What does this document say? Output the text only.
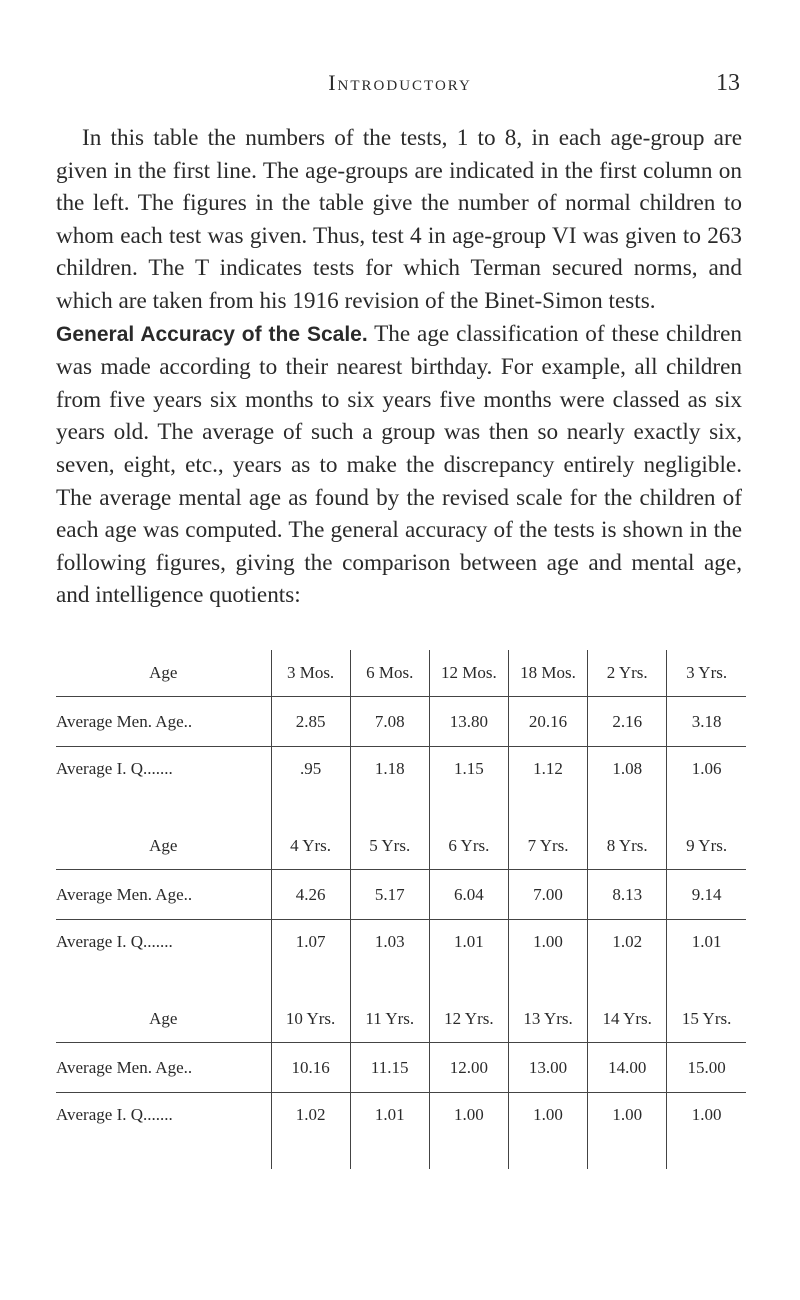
Introductory	13

In this table the numbers of the tests, 1 to 8, in each age-group are given in the first line. The age-groups are indicated in the first column on the left. The figures in the table give the number of normal children to whom each test was given. Thus, test 4 in age-group VI was given to 263 children. The T indicates tests for which Terman secured norms, and which are taken from his 1916 revision of the Binet-Simon tests.

General Accuracy of the Scale. The age classification of these children was made according to their nearest birthday. For example, all children from five years six months to six years five months were classed as six years old. The average of such a group was then so nearly exactly six, seven, eight, etc., years as to make the discrepancy entirely negligible. The average mental age as found by the revised scale for the children of each age was computed. The general accuracy of the tests is shown in the following figures, giving the comparison between age and mental age, and intelligence quotients:

Age	3 Mos.	6 Mos.	12 Mos.	18 Mos.	2 Yrs.	3 Yrs.
Average Men. Age..	2.85	7.08	13.80	20.16	2.16	3.18
Average I. Q.......	.95	1.18	1.15	1.12	1.08	1.06
Age	4 Yrs.	5 Yrs.	6 Yrs.	7 Yrs.	8 Yrs.	9 Yrs.
Average Men. Age..	4.26	5.17	6.04	7.00	8.13	9.14
Average I. Q.......	1.07	1.03	1.01	1.00	1.02	1.01
Age	10 Yrs.	11 Yrs.	12 Yrs.	13 Yrs.	14 Yrs.	15 Yrs.
Average Men. Age..	10.16	11.15	12.00	13.00	14.00	15.00
Average I. Q.......	1.02	1.01	1.00	1.00	1.00	1.00
